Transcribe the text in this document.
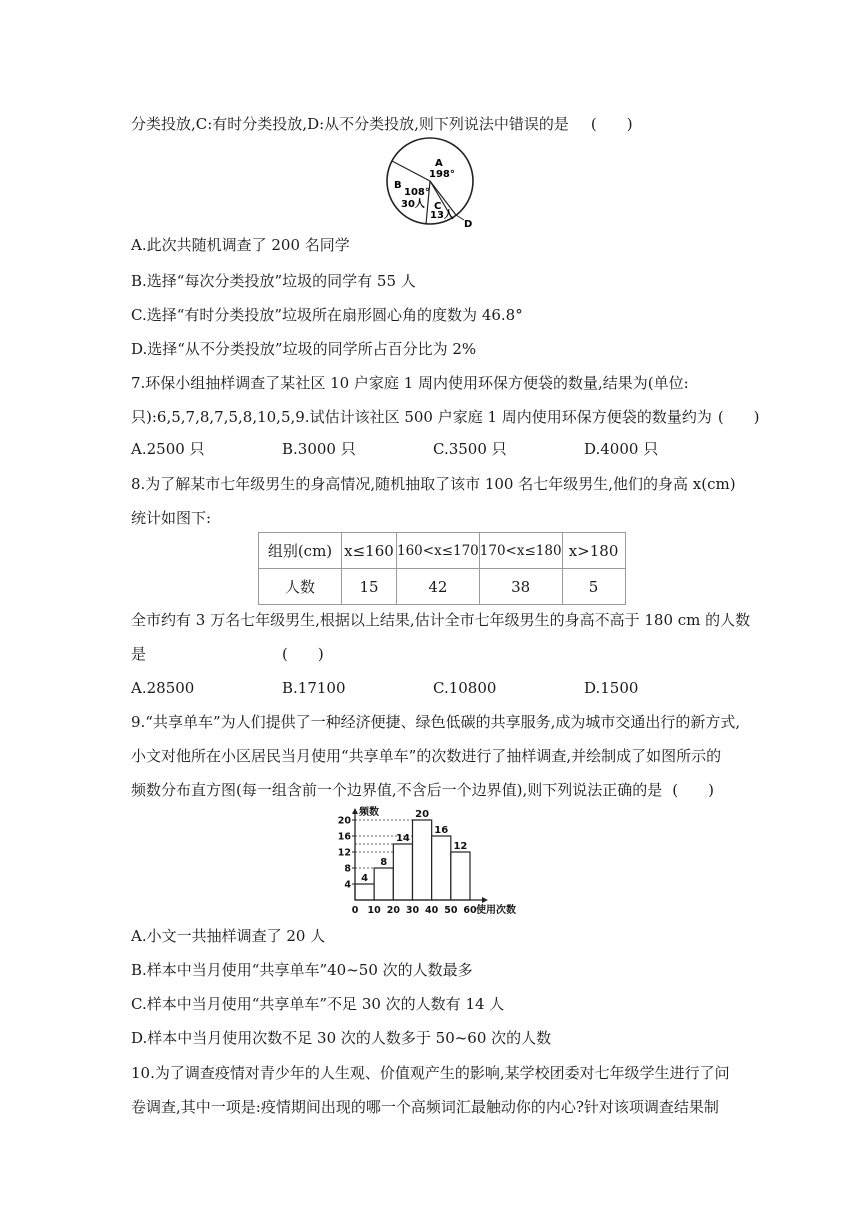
分类投放,C:有时分类投放,D:从不分类投放,则下列说法中错误的是 (　　)
A
198°
B
108°
30人 C
13人
D
A.此次共随机调查了 200 名同学
B.选择“每次分类投放”垃圾的同学有 55 人
C.选择“有时分类投放”垃圾所在扇形圆心角的度数为 46.8°
D.选择“从不分类投放”垃圾的同学所占百分比为 2%
7.环保小组抽样调查了某社区 10 户家庭 1 周内使用环保方便袋的数量,结果为(单位:
只):6,5,7,8,7,5,8,10,5,9.试估计该社区 500 户家庭 1 周内使用环保方便袋的数量约为 (　　)
A.2500 只	B.3000 只	C.3500 只	D.4000 只
8.为了解某市七年级男生的身高情况,随机抽取了该市 100 名七年级男生,他们的身高 x(cm)
统计如图下:
组别(cm)	x≤160	160<x≤170	170<x≤180	x>180
人数	15	42	38	5
全市约有 3 万名七年级男生,根据以上结果,估计全市七年级男生的身高不高于 180 cm 的人数
是	(　　)
A.28500	B.17100	C.10800	D.1500
9.“共享单车”为人们提供了一种经济便捷、绿色低碳的共享服务,成为城市交通出行的新方式,
小文对他所在小区居民当月使用“共享单车”的次数进行了抽样调查,并绘制成了如图所示的
频数分布直方图(每一组含前一个边界值,不含后一个边界值),则下列说法正确的是 (　　)
4
8
14
20
16
12
4
8
12
16
20
0 10 20 30 40 50 60
频数
使用次数
A.小文一共抽样调查了 20 人
B.样本中当月使用“共享单车”40~50 次的人数最多
C.样本中当月使用“共享单车”不足 30 次的人数有 14 人
D.样本中当月使用次数不足 30 次的人数多于 50~60 次的人数
10.为了调查疫情对青少年的人生观、价值观产生的影响,某学校团委对七年级学生进行了问
卷调查,其中一项是:疫情期间出现的哪一个高频词汇最触动你的内心?针对该项调查结果制
